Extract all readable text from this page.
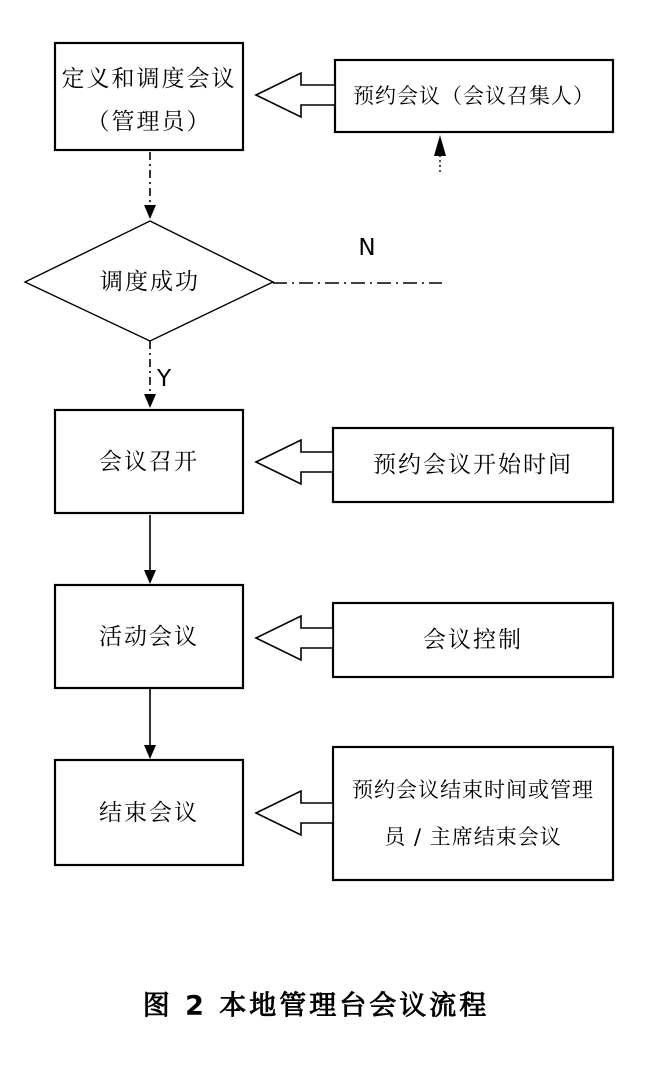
定义和调度会议
（管理员）
预约会议（会议召集人）
调度成功
N
Y
会议召开	预约会议开始时间
活动会议	会议控制
结束会议
预约会议结束时间或管理
员 / 主席结束会议
图 2 本地管理台会议流程
